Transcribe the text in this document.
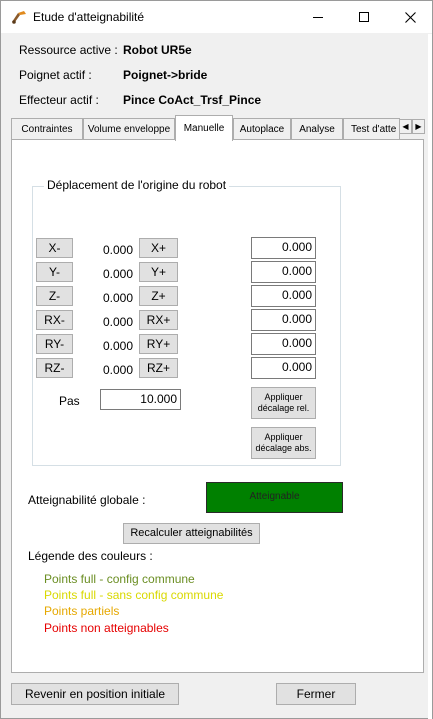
Etude d'atteignabilité
Ressource active : Robot UR5e
Poignet actif :	Poignet->bride
Effecteur actif : Pince CoAct_Trsf_Pince
Contraintes	Volume enveloppe	Manuelle	Autoplace	Analyse	Test d'atte ◀ ▶
Déplacement de l'origine du robot
X-	0.000	X+	0.000
Y-	0.000	Y+	0.000
Z-	0.000	Z+	0.000
RX-	0.000	RX+	0.000
RY-	0.000	RY+	0.000
RZ-	0.000	RZ+	0.000
Pas	10.000	Appliquer
décalage rel.
Appliquer
décalage abs.
Atteignabilité globale :	Atteignable
Recalculer atteignabilités
Légende des couleurs :
Points full - config commune
Points full - sans config commune
Points partiels
Points non atteignables
Revenir en position initiale	Fermer
